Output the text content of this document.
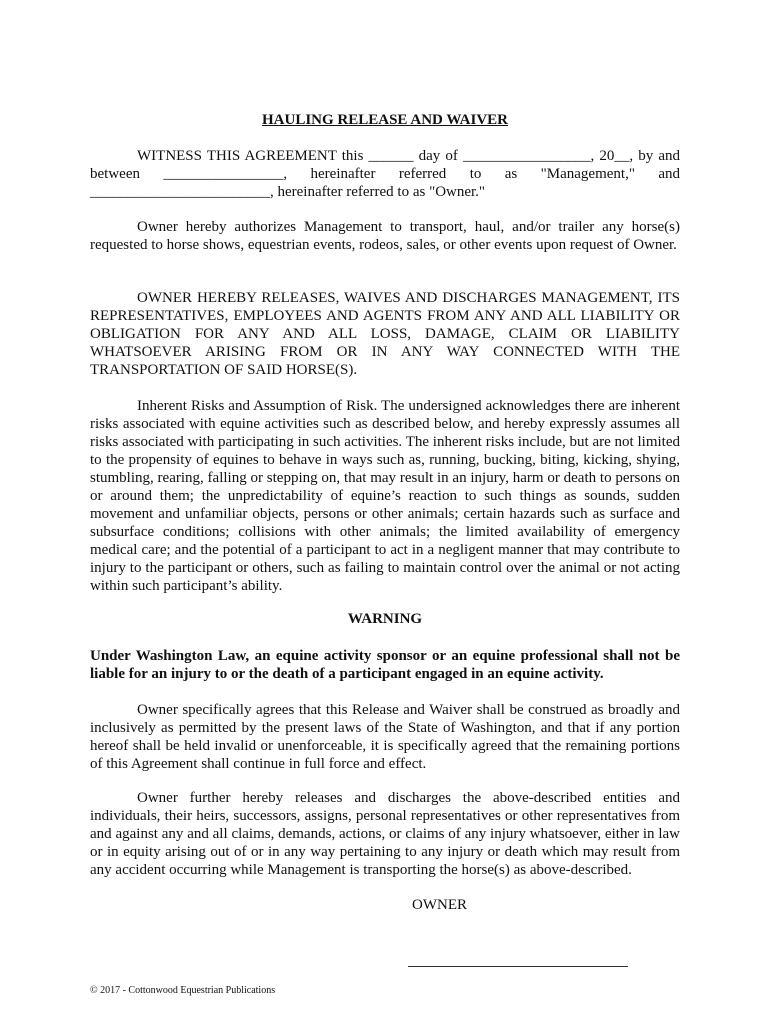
HAULING RELEASE AND WAIVER
WITNESS THIS AGREEMENT this ______ day of _________________, 20__, by and
between ________________, hereinafter referred to as "Management," and
________________________, hereinafter referred to as "Owner."
Owner hereby authorizes Management to transport, haul, and/or trailer any horse(s) requested to horse shows, equestrian events, rodeos, sales, or other events upon request of Owner.
OWNER HEREBY RELEASES, WAIVES AND DISCHARGES MANAGEMENT, ITS REPRESENTATIVES, EMPLOYEES AND AGENTS FROM ANY AND ALL LIABILITY OR OBLIGATION FOR ANY AND ALL LOSS, DAMAGE, CLAIM OR LIABILITY WHATSOEVER ARISING FROM OR IN ANY WAY CONNECTED WITH THE TRANSPORTATION OF SAID HORSE(S).
Inherent Risks and Assumption of Risk. The undersigned acknowledges there are inherent risks associated with equine activities such as described below, and hereby expressly assumes all risks associated with participating in such activities. The inherent risks include, but are not limited to the propensity of equines to behave in ways such as, running, bucking, biting, kicking, shying, stumbling, rearing, falling or stepping on, that may result in an injury, harm or death to persons on or around them; the unpredictability of equine’s reaction to such things as sounds, sudden movement and unfamiliar objects, persons or other animals; certain hazards such as surface and subsurface conditions; collisions with other animals; the limited availability of emergency medical care; and the potential of a participant to act in a negligent manner that may contribute to injury to the participant or others, such as failing to maintain control over the animal or not acting within such participant’s ability.
WARNING
Under Washington Law, an equine activity sponsor or an equine professional shall not be liable for an injury to or the death of a participant engaged in an equine activity.
Owner specifically agrees that this Release and Waiver shall be construed as broadly and inclusively as permitted by the present laws of the State of Washington, and that if any portion hereof shall be held invalid or unenforceable, it is specifically agreed that the remaining portions of this Agreement shall continue in full force and effect.
Owner further hereby releases and discharges the above-described entities and individuals, their heirs, successors, assigns, personal representatives or other representatives from and against any and all claims, demands, actions, or claims of any injury whatsoever, either in law or in equity arising out of or in any way pertaining to any injury or death which may result from any accident occurring while Management is transporting the horse(s) as above-described.
OWNER
© 2017 - Cottonwood Equestrian Publications
